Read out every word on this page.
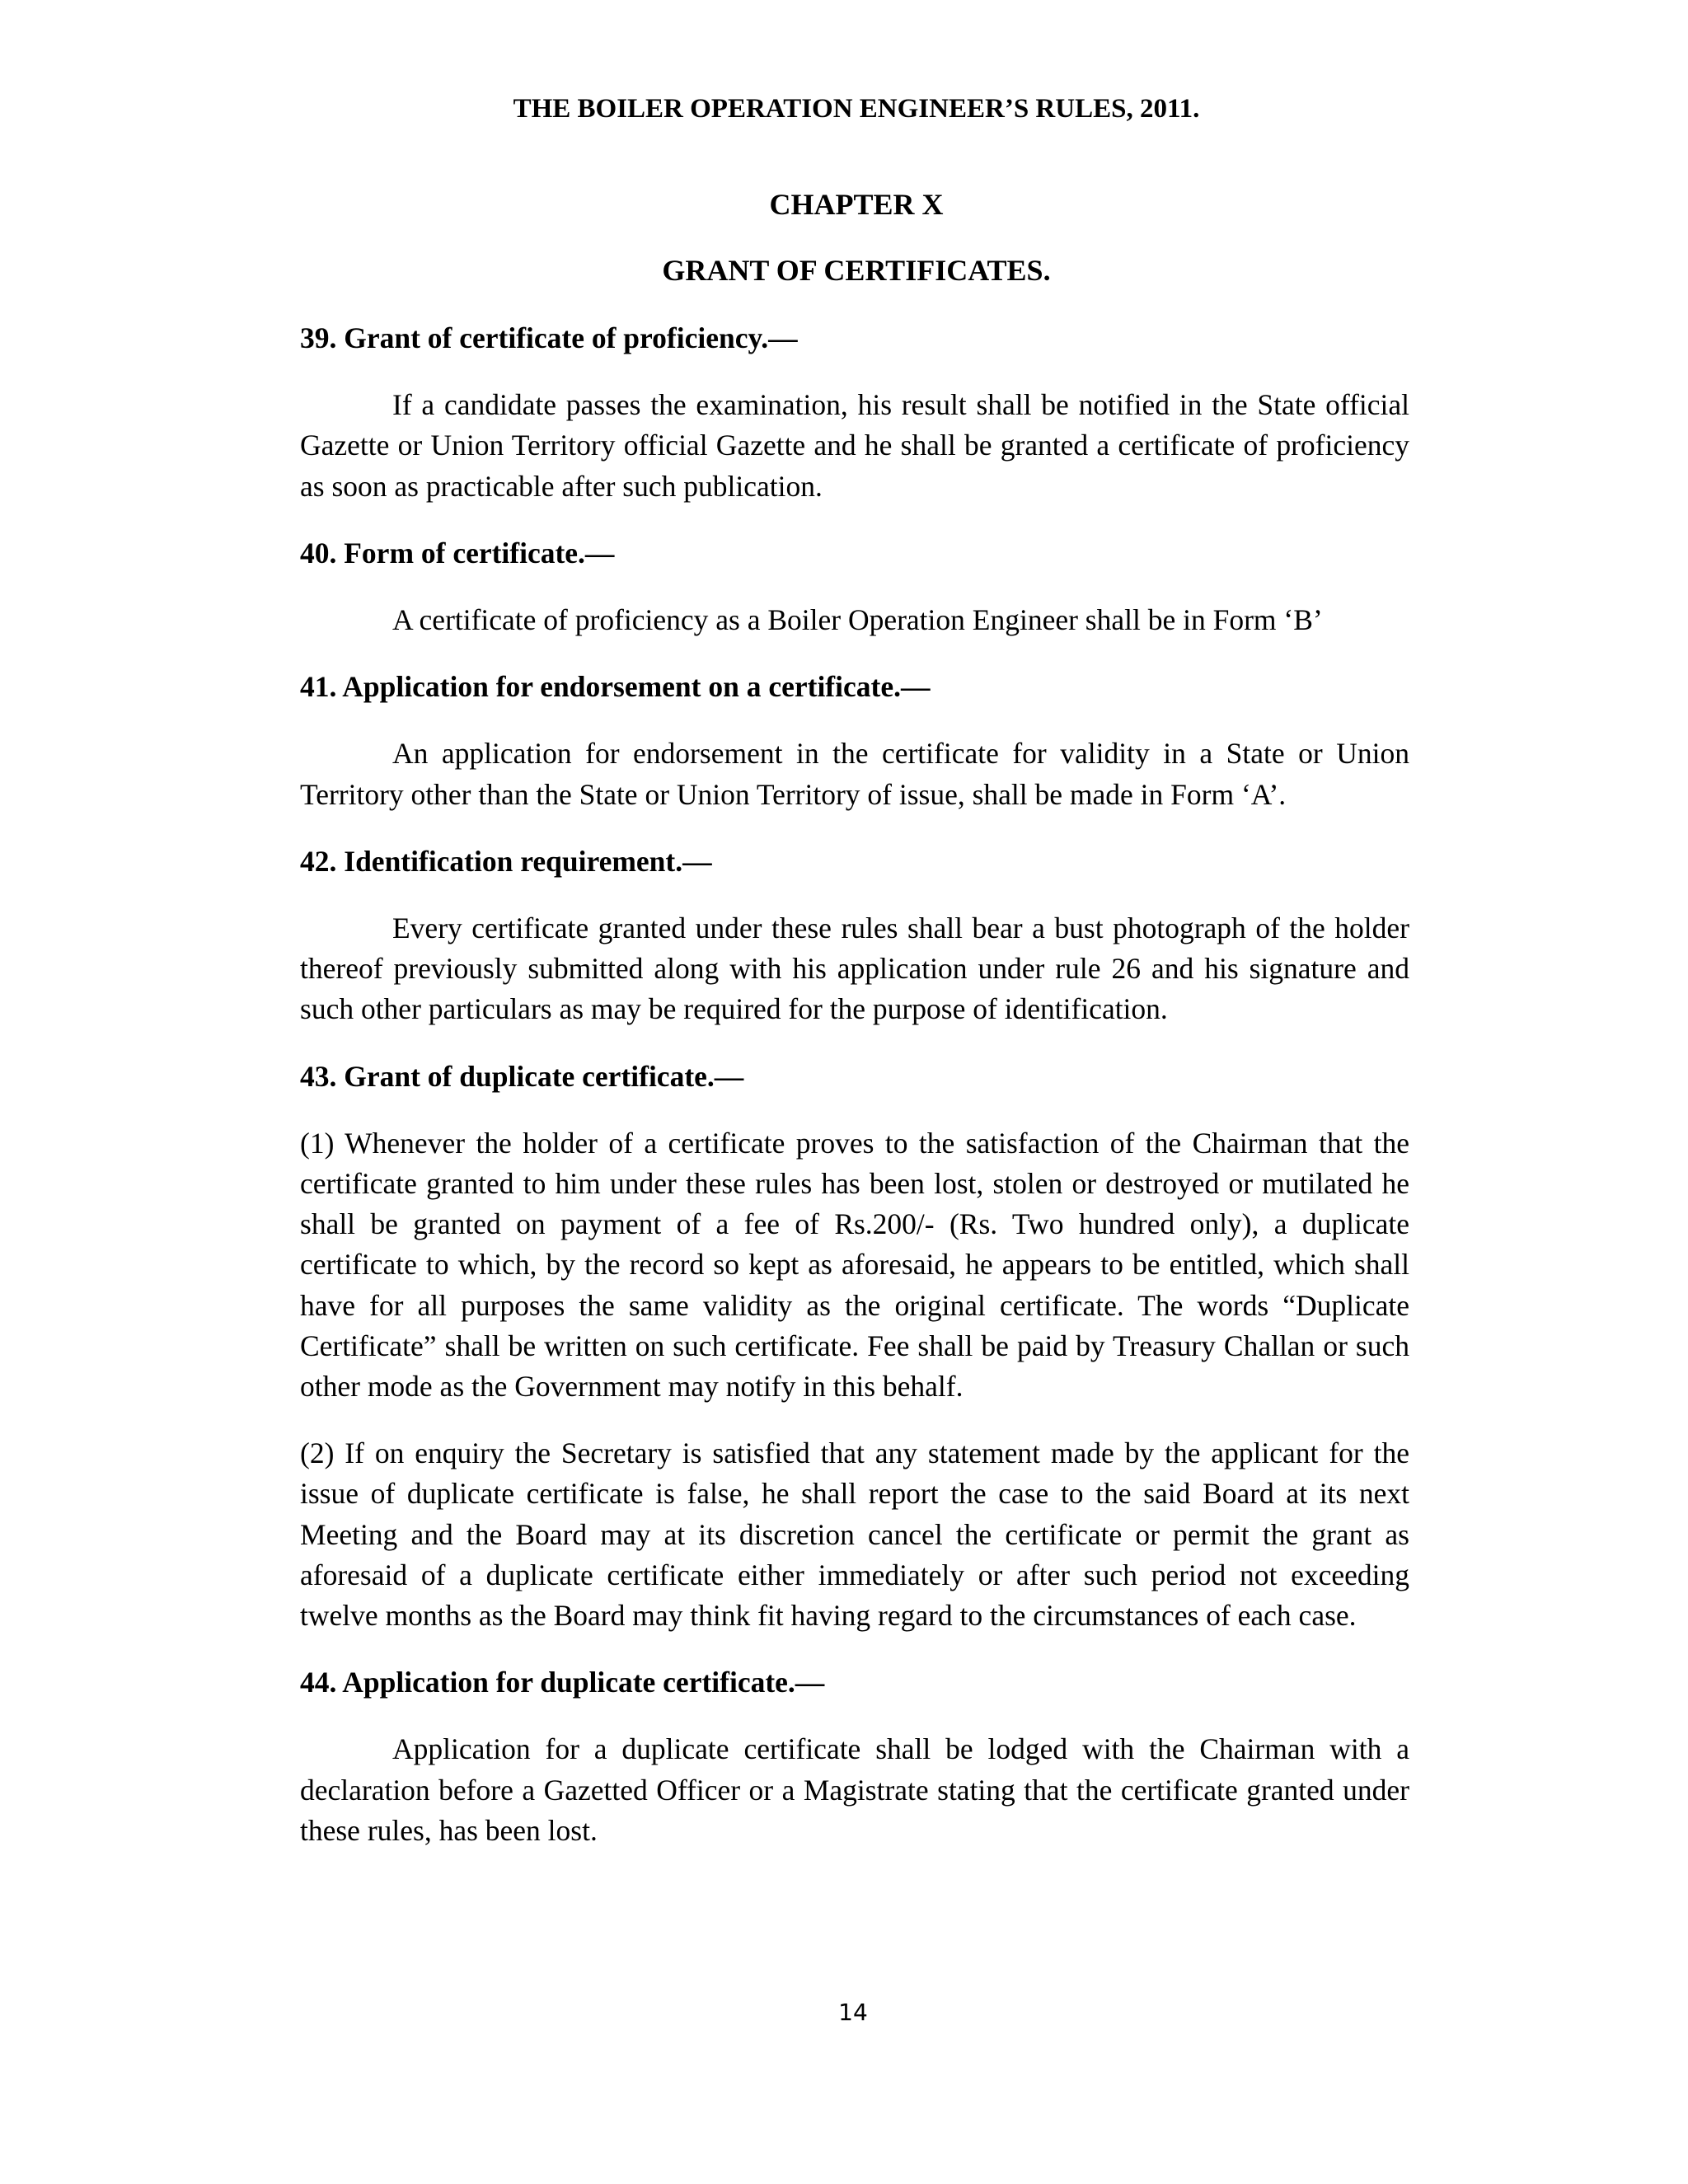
THE BOILER OPERATION ENGINEER’S RULES, 2011.
CHAPTER X
GRANT OF CERTIFICATES.
39. Grant of certificate of proficiency.—

If a candidate passes the examination, his result shall be notified in the State official Gazette or Union Territory official Gazette and he shall be granted a certificate of proficiency as soon as practicable after such publication.

40. Form of certificate.—

A certificate of proficiency as a Boiler Operation Engineer shall be in Form ‘B’

41. Application for endorsement on a certificate.—

An application for endorsement in the certificate for validity in a State or Union Territory other than the State or Union Territory of issue, shall be made in Form ‘A’.

42. Identification requirement.—

Every certificate granted under these rules shall bear a bust photograph of the holder thereof previously submitted along with his application under rule 26 and his signature and such other particulars as may be required for the purpose of identification.

43. Grant of duplicate certificate.—

(1) Whenever the holder of a certificate proves to the satisfaction of the Chairman that the certificate granted to him under these rules has been lost, stolen or destroyed or mutilated he shall be granted on payment of a fee of Rs.200/- (Rs. Two hundred only), a duplicate certificate to which, by the record so kept as aforesaid, he appears to be entitled, which shall have for all purposes the same validity as the original certificate. The words “Duplicate Certificate” shall be written on such certificate. Fee shall be paid by Treasury Challan or such other mode as the Government may notify in this behalf.

(2) If on enquiry the Secretary is satisfied that any statement made by the applicant for the issue of duplicate certificate is false, he shall report the case to the said Board at its next Meeting and the Board may at its discretion cancel the certificate or permit the grant as aforesaid of a duplicate certificate either immediately or after such period not exceeding twelve months as the Board may think fit having regard to the circumstances of each case.

44. Application for duplicate certificate.—

Application for a duplicate certificate shall be lodged with the Chairman with a declaration before a Gazetted Officer or a Magistrate stating that the certificate granted under these rules, has been lost.

14
